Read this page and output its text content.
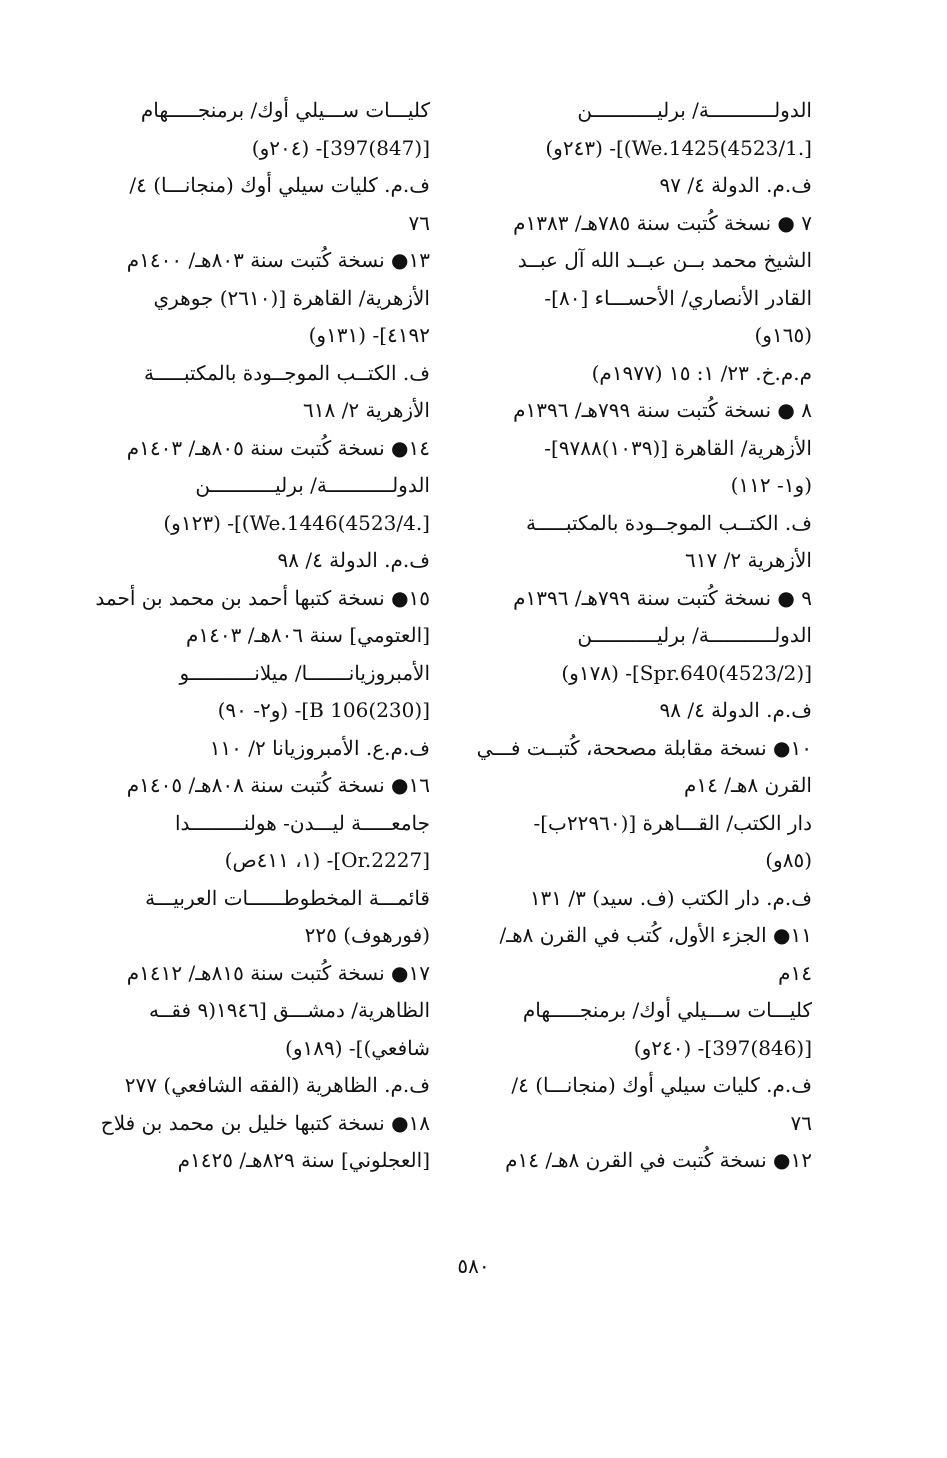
الدولـــــــــــة/ برليـــــــــــن
[.4523/1)We.1425)]- (٢٤٣و)
ف.م. الدولة ٤/ ٩٧
٧ ● نسخة كُتبت سنة ٧٨٥هـ/ ١٣٨٣م
الشيخ محمد بــن عبــد الله آل عبــد
القادر الأنصاري/ الأحســـاء [٨٠]-
(١٦٥و)
م.م.خ. ٢٣/ ١: ١٥ (١٩٧٧م)
٨ ● نسخة كُتبت سنة ٧٩٩هـ/ ١٣٩٦م
الأزهرية/ القاهرة [(١٠٣٩)٩٧٨٨]-
(و١- ١١٢)
ف. الكتــب الموجــودة بالمكتبـــــة
الأزهرية ٢/ ٦١٧
٩ ● نسخة كُتبت سنة ٧٩٩هـ/ ١٣٩٦م
الدولـــــــــــة/ برليـــــــــــن
[(4523/2)Spr.640]- (١٧٨و)
ف.م. الدولة ٤/ ٩٨
١٠● نسخة مقابلة مصححة، كُتبــت فـــي
القرن ٨هـ/ ١٤م
دار الكتب/ القـــاهرة [(٢٢٩٦٠ب]-
(٨٥و)
ف.م. دار الكتب (ف. سيد) ٣/ ١٣١
١١● الجزء الأول، كُتب في القرن ٨هـ/
١٤م
كليـــات ســـيلي أوك/ برمنجـــــهام
[(846)397]- (٢٤٠و)
ف.م. كليات سيلي أوك (منجانـــا) ٤/
٧٦
١٢● نسخة كُتبت في القرن ٨هـ/ ١٤م
كليـــات ســـيلي أوك/ برمنجـــــهام
[(847)397]- (٢٠٤و)
ف.م. كليات سيلي أوك (منجانـــا) ٤/
٧٦
١٣● نسخة كُتبت سنة ٨٠٣هـ/ ١٤٠٠م
الأزهرية/ القاهرة [(٢٦١٠) جوهري
٤١٩٢]- (١٣١و)
ف. الكتــب الموجــودة بالمكتبـــــة
الأزهرية ٢/ ٦١٨
١٤● نسخة كُتبت سنة ٨٠٥هـ/ ١٤٠٣م
الدولـــــــــــة/ برليـــــــــــن
[.4523/4)We.1446)]- (١٢٣و)
ف.م. الدولة ٤/ ٩٨
١٥● نسخة كتبها أحمد بن محمد بن أحمد
[العتومي] سنة ٨٠٦هـ/ ١٤٠٣م
الأمبروزيانـــــــا/ ميلانـــــــــــو
[(230)B 106]- (و٢- ٩٠)
ف.م.ع. الأمبروزيانا ٢/ ١١٠
١٦● نسخة كُتبت سنة ٨٠٨هـ/ ١٤٠٥م
جامعـــــة ليـــدن- هولنـــــــــدا
[Or.2227]- (١، ٤١١ص)
قائمـــة المخطوطــــــات العربيـــة
(فورهوف) ٢٢٥
١٧● نسخة كُتبت سنة ٨١٥هـ/ ١٤١٢م
الظاهرية/ دمشـــق [١٩٤٦(٩ فقــه
شافعي)]- (١٨٩و)
ف.م. الظاهرية (الفقه الشافعي) ٢٧٧
١٨● نسخة كتبها خليل بن محمد بن فلاح
[العجلوني] سنة ٨٢٩هـ/ ١٤٢٥م
٥٨٠
